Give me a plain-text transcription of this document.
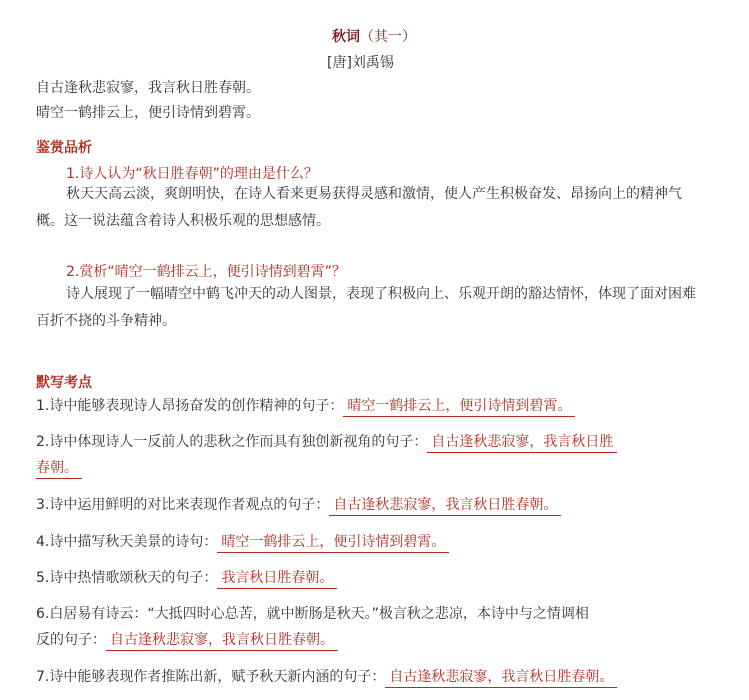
秋词（其一）
[唐]刘禹锡
自古逢秋悲寂寥，我言秋日胜春朝。
晴空一鹤排云上，便引诗情到碧霄。
鉴赏品析
1.诗人认为“秋日胜春朝”的理由是什么？
秋天天高云淡，爽朗明快，在诗人看来更易获得灵感和激情，使人产生积极奋发、昂扬向上的精神气概。这一说法蕴含着诗人积极乐观的思想感情。
2.赏析“晴空一鹤排云上，便引诗情到碧霄”？
诗人展现了一幅晴空中鹤飞冲天的动人图景，表现了积极向上、乐观开朗的豁达情怀，体现了面对困难百折不挠的斗争精神。
默写考点
1.诗中能够表现诗人昂扬奋发的创作精神的句子： 晴空一鹤排云上，便引诗情到碧霄。
2.诗中体现诗人一反前人的悲秋之作而具有独创新视角的句子： 自古逢秋悲寂寥，我言秋日胜
春朝。
3.诗中运用鲜明的对比来表现作者观点的句子： 自古逢秋悲寂寥，我言秋日胜春朝。
4.诗中描写秋天美景的诗句： 晴空一鹤排云上，便引诗情到碧霄。
5.诗中热情歌颂秋天的句子： 我言秋日胜春朝。
6.白居易有诗云：“大抵四时心总苦，就中断肠是秋天。”极言秋之悲凉，本诗中与之情调相
反的句子： 自古逢秋悲寂寥，我言秋日胜春朝。
7.诗中能够表现作者推陈出新，赋予秋天新内涵的句子： 自古逢秋悲寂寥，我言秋日胜春朝。
